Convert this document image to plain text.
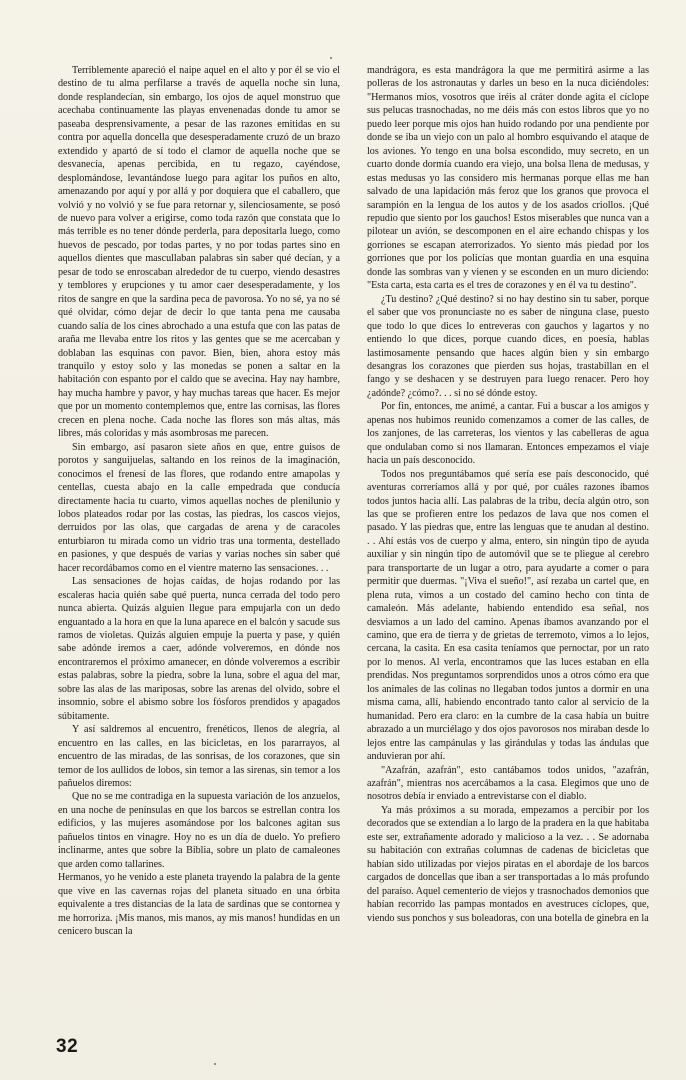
Terriblemente apareció el naipe aquel en el alto y por él se vio el destino de tu alma perfilarse a través de aquella noche sin luna, donde resplandecían, sin embargo, los ojos de aquel monstruo que acechaba continuamente las playas envenenadas donde tu amor se paseaba desprensivamente, a pesar de las razones emitidas en su contra por aquella doncella que desesperadamente cruzó de un brazo extendido y apartó de sí todo el clamor de aquella noche que se desvanecía, apenas percibida, en tu regazo, cayéndose, desplomándose, levantándose luego para agitar los puños en alto, amenazando por aquí y por allá y por doquiera que el caballero, que volvió y no volvió y se fue para retornar y, silenciosamente, se posó de nuevo para volver a erigirse, como toda razón que constata que lo más terrible es no tener dónde perderla, para depositarla luego, como huevos de pescado, por todas partes, y no por todas partes sino en aquellos dientes que mascullaban palabras sin saber qué decían, y a pesar de todo se enroscaban alrededor de tu cuerpo, viendo desastres y temblores y erupciones y tu amor caer desesperadamente, y los ritos de sangre en que la sardina peca de pavorosa. Yo no sé, ya no sé qué olvidar, cómo dejar de decir lo que tanta pena me causaba cuando salía de los cines abrochado a una estufa que con las patas de araña me llevaba entre los ritos y las gentes que se me acercaban y doblaban las esquinas con pavor. Bien, bien, ahora estoy más tranquilo y estoy solo y las monedas se ponen a saltar en la habitación con espanto por el caldo que se avecina. Hay nay hambre, hay mucha hambre y pavor, y hay muchas tareas que hacer. Es mejor que por un momento contemplemos que, entre las cornisas, las flores crecen en plena noche. Cada noche las flores son más altas, más libres, más coloridas y más asombrosas me parecen.

Sin embargo, así pasaron siete años en que, entre guisos de porotos y sanguijuelas, saltando en los reinos de la imaginación, conocimos el frenesí de las flores, que rodando entre amapolas y centellas, cuesta abajo en la calle empedrada que conducía directamente hacia tu cuarto, vimos aquellas noches de plenilunio y lobos plateados rodar por las costas, las piedras, los cascos viejos, derruidos por las olas, que cargadas de arena y de caracoles enturbiaron tu mirada como un vidrio tras una tormenta, destellado en pasiones, y que después de varias y varias noches sin saber qué hacer recordábamos como en el vientre materno las sensaciones. . .

Las sensaciones de hojas caídas, de hojas rodando por las escaleras hacia quién sabe qué puerta, nunca cerrada del todo pero nunca abierta. Quizás alguien llegue para empujarla con un dedo enguantado a la hora en que la luna aparece en el balcón y sacude sus ramos de violetas. Quizás alguien empuje la puerta y pase, y quién sabe adónde iremos a caer, adónde volveremos, en dónde nos encontraremos el próximo amanecer, en dónde volveremos a escribir estas palabras, sobre la piedra, sobre la luna, sobre el agua del mar, sobre las alas de las mariposas, sobre las arenas del olvido, sobre el insomnio, sobre el abismo sobre los fósforos prendidos y apagados súbitamente.

Y así saldremos al encuentro, frenéticos, llenos de alegría, al encuentro en las calles, en las bicicletas, en los pararrayos, al encuentro de las miradas, de las sonrisas, de los corazones, que sin temor de los aullidos de lobos, sin temor a las sirenas, sin temor a los pañuelos diremos:

Que no se me contradiga en la supuesta variación de los anzuelos, en una noche de penínsulas en que los barcos se estrellan contra los edificios, y las mujeres asomándose por los balcones agitan sus pañuelos tintos en vinagre. Hoy no es un día de duelo. Yo prefiero inclinarme, antes que sobre la Biblia, sobre un plato de camaleones que arden como tallarines.

Hermanos, yo he venido a este planeta trayendo la palabra de la gente que vive en las cavernas rojas del planeta situado en una órbita equivalente a tres distancias de la lata de sardinas que se contornea y me horroriza. ¡Mis manos, mis manos, ay mis manos! hundidas en un cenicero buscan la

mandrágora, es esta mandrágora la que me permitirá asirme a las polleras de los astronautas y darles un beso en la nuca diciéndoles: "Hermanos míos, vosotros que iréis al cráter donde agita el cíclope sus pelucas trasnochadas, no me déis más con estos libros que yo no puedo leer porque mis ojos han huido rodando por una pendiente por donde se iba un viejo con un palo al hombro esquivando el ataque de los aviones. Yo tengo en una bolsa escondido, muy secreto, en un cuarto donde dormía cuando era viejo, una bolsa llena de medusas, y estas medusas yo las considero mis hermanas porque ellas me han salvado de una lapidación más feroz que los granos que provoca el sarampión en la lengua de los autos y de los asados criollos. ¡Qué repudio que siento por los gauchos! Estos miserables que nunca van a pilotear un avión, se descomponen en el aire echando chispas y los gorriones se escapan aterrorizados. Yo siento más piedad por los gorriones que por los policías que montan guardia en una esquina donde las sombras van y vienen y se esconden en un muro diciendo: "Esta carta, esta carta es el tres de corazones y en él va tu destino".

¿Tu destino? ¿Qué destino? si no hay destino sin tu saber, porque el saber que vos pronunciaste no es saber de ninguna clase, puesto que todo lo que dices lo entreveras con gauchos y lagartos y no entiendo lo que dices, porque cuando dices, en poesía, hablas lastimosamente pensando que haces algún bien y sin embargo desangras los corazones que pierden sus hojas, trastabillan en el fango y se deshacen y se destruyen para luego renacer. Pero hoy ¿adónde? ¿cómo?. . . si no sé dónde estoy.

Por fin, entonces, me animé, a cantar. Fui a buscar a los amigos y apenas nos hubimos reunido comenzamos a comer de las calles, de los zanjones, de las carreteras, los vientos y las cabelleras de agua que ondulaban como si nos llamaran. Entonces empezamos el viaje hacia un país desconocido.

Todos nos preguntábamos qué sería ese país desconocido, qué aventuras correríamos allá y por qué, por cuáles razones íbamos todos juntos hacia allí. Las palabras de la tribu, decía algún otro, son las que se profieren entre los pedazos de lava que nos comen el pasado. Y las piedras que, entre las lenguas que te anudan al destino. . . Ahí estás vos de cuerpo y alma, entero, sin ningún tipo de ayuda auxiliar y sin ningún tipo de automóvil que se te pliegue al cerebro para transportarte de un lugar a otro, para ayudarte a comer o para permitir que duermas. "¡Viva el sueño!", así rezaba un cartel que, en plena ruta, vimos a un costado del camino hecho con tinta de camaleón. Más adelante, habiendo entendido esa señal, nos desviamos a un lado del camino. Apenas íbamos avanzando por el camino, que era de tierra y de grietas de terremoto, vimos a lo lejos, cercana, la casita. En esa casita teníamos que pernoctar, por un rato por lo menos. Al verla, encontramos que las luces estaban en ella prendidas. Nos preguntamos sorprendidos unos a otros cómo era que los animales de las colinas no llegaban todos juntos a dormir en una misma cama, allí, habiendo encontrado tanto calor al servicio de la humanidad. Pero era claro: en la cumbre de la casa había un buitre abrazado a un murciélago y dos ojos pavorosos nos miraban desde lo lejos entre las campánulas y las girándulas y todas las ándulas que anduvieran por ahí.

"Azafrán, azafrán", esto cantábamos todos unidos, "azafrán, azafrán", mientras nos acercábamos a la casa. Elegimos que uno de nosotros debía ir enviado a entrevistarse con el diablo.

Ya más próximos a su morada, empezamos a percibir por los decorados que se extendían a lo largo de la pradera en la que habitaba este ser, extrañamente adorado y malicioso a la vez. . . Se adornaba su habitación con extrañas columnas de cadenas de bicicletas que habían sido utilizadas por viejos piratas en el abordaje de los barcos cargados de doncellas que iban a ser transportadas a lo más profundo del paraíso. Aquel cementerio de viejos y trasnochados demonios que habían recorrido las pampas montados en avestruces cíclopes, que, viendo sus ponchos y sus boleadoras, con una botella de ginebra en la

32
